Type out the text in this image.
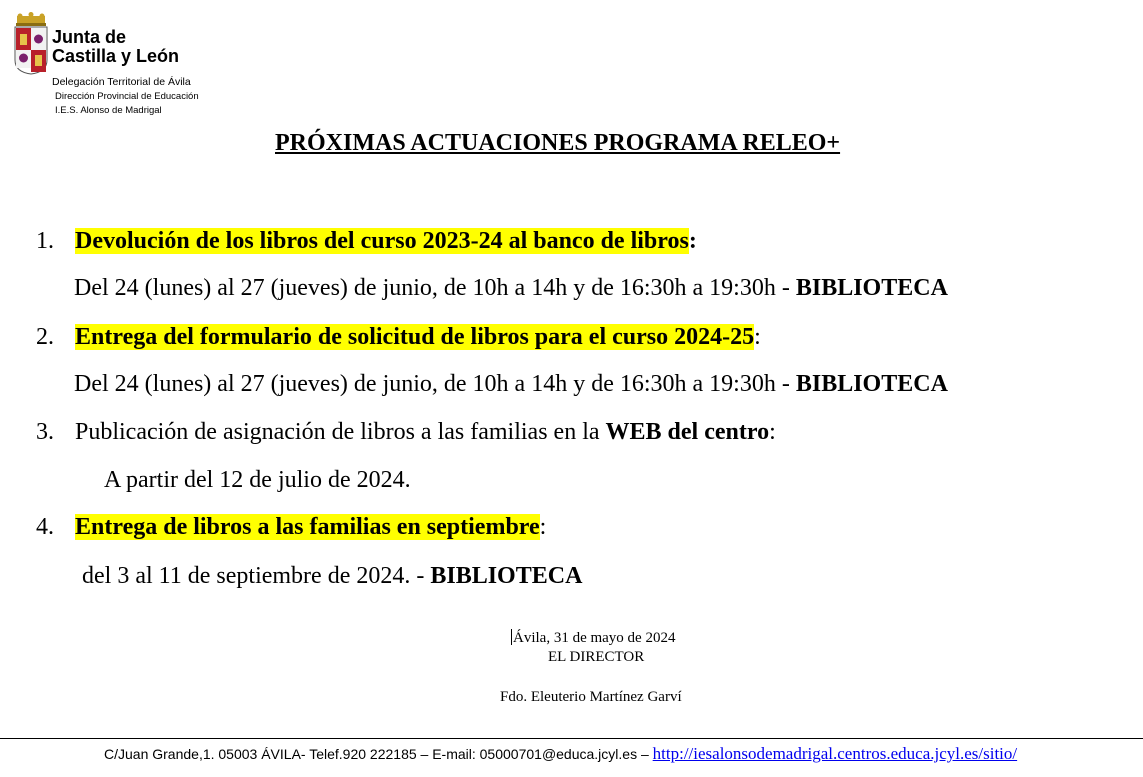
Junta de
Castilla y León
Delegación Territorial de Ávila
Dirección Provincial de Educación
I.E.S. Alonso de Madrigal
PRÓXIMAS ACTUACIONES PROGRAMA RELEO+
1. Devolución de los libros del curso 2023-24 al banco de libros:
Del 24 (lunes) al 27 (jueves) de junio, de 10h a 14h y de 16:30h a 19:30h - BIBLIOTECA
2. Entrega del formulario de solicitud de libros para el curso 2024-25:
Del 24 (lunes) al 27 (jueves) de junio, de 10h a 14h y de 16:30h a 19:30h - BIBLIOTECA
3. Publicación de asignación de libros a las familias en la WEB del centro:
A partir del 12 de julio de 2024.
4. Entrega de libros a las familias en septiembre:
del 3 al 11 de septiembre de 2024. - BIBLIOTECA
Ávila, 31 de mayo de 2024
EL DIRECTOR
Fdo. Eleuterio Martínez Garví
C/Juan Grande,1. 05003 ÁVILA- Telef.920 222185 – E-mail: 05000701@educa.jcyl.es – http://iesalonsodemadrigal.centros.educa.jcyl.es/sitio/
